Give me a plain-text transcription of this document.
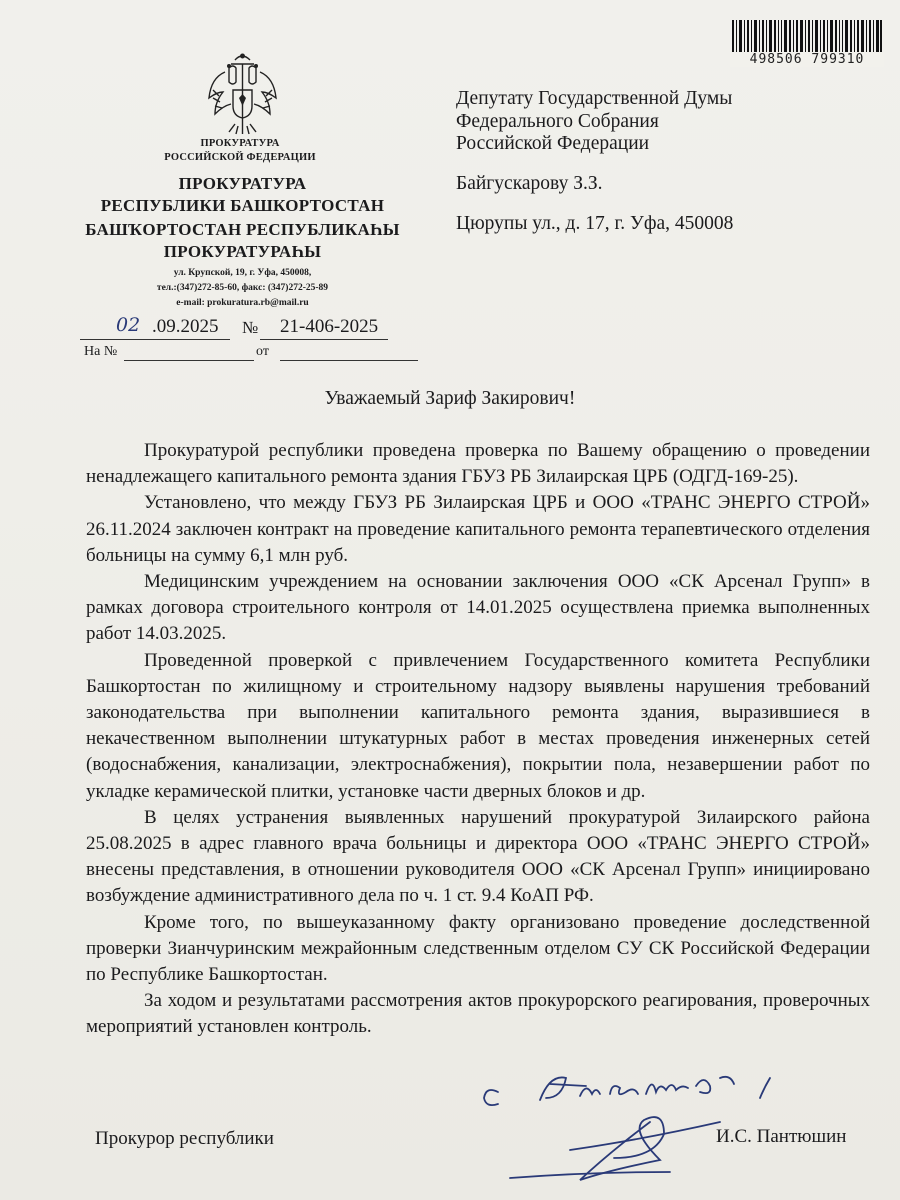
498506 799310
ПРОКУРАТУРА
РОССИЙСКОЙ ФЕДЕРАЦИИ
ПРОКУРАТУРА
РЕСПУБЛИКИ БАШКОРТОСТАН
БАШҠОРТОСТАН РЕСПУБЛИКАҺЫ
ПРОКУРАТУРАҺЫ
ул. Крупской, 19, г. Уфа, 450008,
тел.:(347)272-85-60, факс: (347)272-25-89
e-mail: prokuratura.rb@mail.ru
02 .09.2025 № 21-406-2025
На №	от
Депутату Государственной Думы
Федерального Собрания
Российской Федерации
Байгускарову З.З.
Цюрупы ул., д. 17, г. Уфа, 450008
Уважаемый Зариф Закирович!

Прокуратурой республики проведена проверка по Вашему обращению о проведении ненадлежащего капитального ремонта здания ГБУЗ РБ Зилаирская ЦРБ (ОДГД-169-25).

Установлено, что между ГБУЗ РБ Зилаирская ЦРБ и ООО «ТРАНС ЭНЕРГО СТРОЙ» 26.11.2024 заключен контракт на проведение капитального ремонта терапевтического отделения больницы на сумму 6,1 млн руб.

Медицинским учреждением на основании заключения ООО «СК Арсенал Групп» в рамках договора строительного контроля от 14.01.2025 осуществлена приемка выполненных работ 14.03.2025.

Проведенной проверкой с привлечением Государственного комитета Республики Башкортостан по жилищному и строительному надзору выявлены нарушения требований законодательства при выполнении капитального ремонта здания, выразившиеся в некачественном выполнении штукатурных работ в местах проведения инженерных сетей (водоснабжения, канализации, электроснабжения), покрытии пола, незавершении работ по укладке керамической плитки, установке части дверных блоков и др.

В целях устранения выявленных нарушений прокуратурой Зилаирского района 25.08.2025 в адрес главного врача больницы и директора ООО «ТРАНС ЭНЕРГО СТРОЙ» внесены представления, в отношении руководителя ООО «СК Арсенал Групп» инициировано возбуждение административного дела по ч. 1 ст. 9.4 КоАП РФ.

Кроме того, по вышеуказанному факту организовано проведение доследственной проверки Зианчуринским межрайонным следственным отделом СУ СК Российской Федерации по Республике Башкортостан.

За ходом и результатами рассмотрения актов прокурорского реагирования, проверочных мероприятий установлен контроль.

Прокурор республики	И.С. Пантюшин
